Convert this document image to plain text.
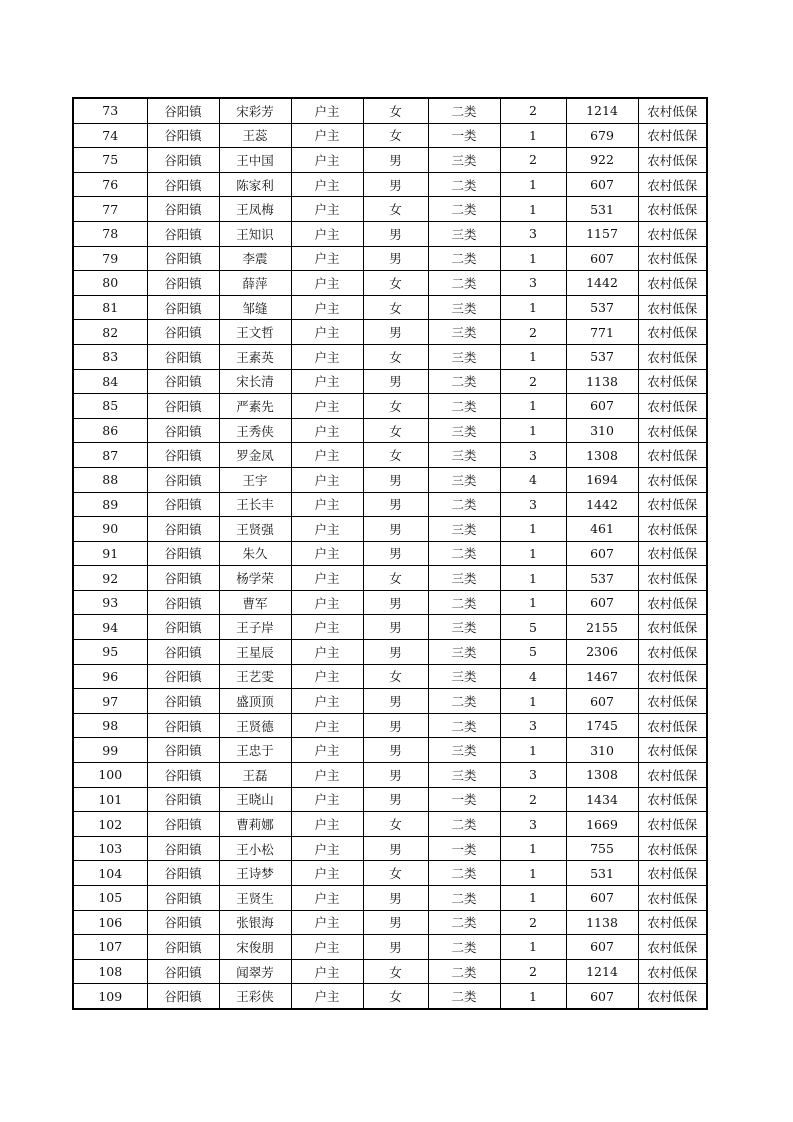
73	谷阳镇	宋彩芳	户主	女	二类	2	1214	农村低保
74	谷阳镇	王蕊	户主	女	一类	1	679	农村低保
75	谷阳镇	王中国	户主	男	三类	2	922	农村低保
76	谷阳镇	陈家利	户主	男	二类	1	607	农村低保
77	谷阳镇	王凤梅	户主	女	二类	1	531	农村低保
78	谷阳镇	王知识	户主	男	三类	3	1157	农村低保
79	谷阳镇	李震	户主	男	二类	1	607	农村低保
80	谷阳镇	薛萍	户主	女	二类	3	1442	农村低保
81	谷阳镇	邹缝	户主	女	三类	1	537	农村低保
82	谷阳镇	王文哲	户主	男	三类	2	771	农村低保
83	谷阳镇	王素英	户主	女	三类	1	537	农村低保
84	谷阳镇	宋长清	户主	男	二类	2	1138	农村低保
85	谷阳镇	严素先	户主	女	二类	1	607	农村低保
86	谷阳镇	王秀侠	户主	女	三类	1	310	农村低保
87	谷阳镇	罗金凤	户主	女	三类	3	1308	农村低保
88	谷阳镇	王宇	户主	男	三类	4	1694	农村低保
89	谷阳镇	王长丰	户主	男	二类	3	1442	农村低保
90	谷阳镇	王贤强	户主	男	三类	1	461	农村低保
91	谷阳镇	朱久	户主	男	二类	1	607	农村低保
92	谷阳镇	杨学荣	户主	女	三类	1	537	农村低保
93	谷阳镇	曹军	户主	男	二类	1	607	农村低保
94	谷阳镇	王子岸	户主	男	三类	5	2155	农村低保
95	谷阳镇	王星辰	户主	男	三类	5	2306	农村低保
96	谷阳镇	王艺雯	户主	女	三类	4	1467	农村低保
97	谷阳镇	盛顶顶	户主	男	二类	1	607	农村低保
98	谷阳镇	王贤德	户主	男	二类	3	1745	农村低保
99	谷阳镇	王忠于	户主	男	三类	1	310	农村低保
100	谷阳镇	王磊	户主	男	三类	3	1308	农村低保
101	谷阳镇	王晓山	户主	男	一类	2	1434	农村低保
102	谷阳镇	曹莉娜	户主	女	二类	3	1669	农村低保
103	谷阳镇	王小松	户主	男	一类	1	755	农村低保
104	谷阳镇	王诗梦	户主	女	二类	1	531	农村低保
105	谷阳镇	王贤生	户主	男	二类	1	607	农村低保
106	谷阳镇	张银海	户主	男	二类	2	1138	农村低保
107	谷阳镇	宋俊朋	户主	男	二类	1	607	农村低保
108	谷阳镇	闻翠芳	户主	女	二类	2	1214	农村低保
109	谷阳镇	王彩侠	户主	女	二类	1	607	农村低保
